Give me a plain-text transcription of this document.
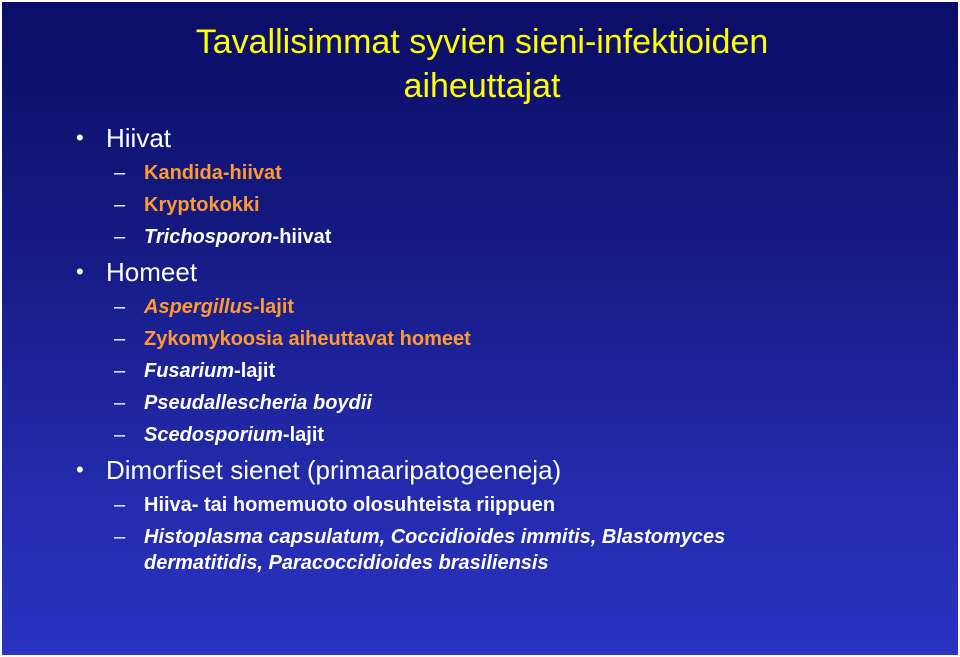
Tavallisimmat syvien sieni-infektioiden
aiheuttajat

• Hiivat

– Kandida-hiivat

– Kryptokokki

– Trichosporon-hiivat

• Homeet

– Aspergillus-lajit

– Zykomykoosia aiheuttavat homeet

– Fusarium-lajit

– Pseudallescheria boydii

– Scedosporium-lajit

• Dimorfiset sienet (primaaripatogeeneja)

– Hiiva- tai homemuoto olosuhteista riippuen

– Histoplasma capsulatum, Coccidioides immitis, Blastomyces
dermatitidis, Paracoccidioides brasiliensis
